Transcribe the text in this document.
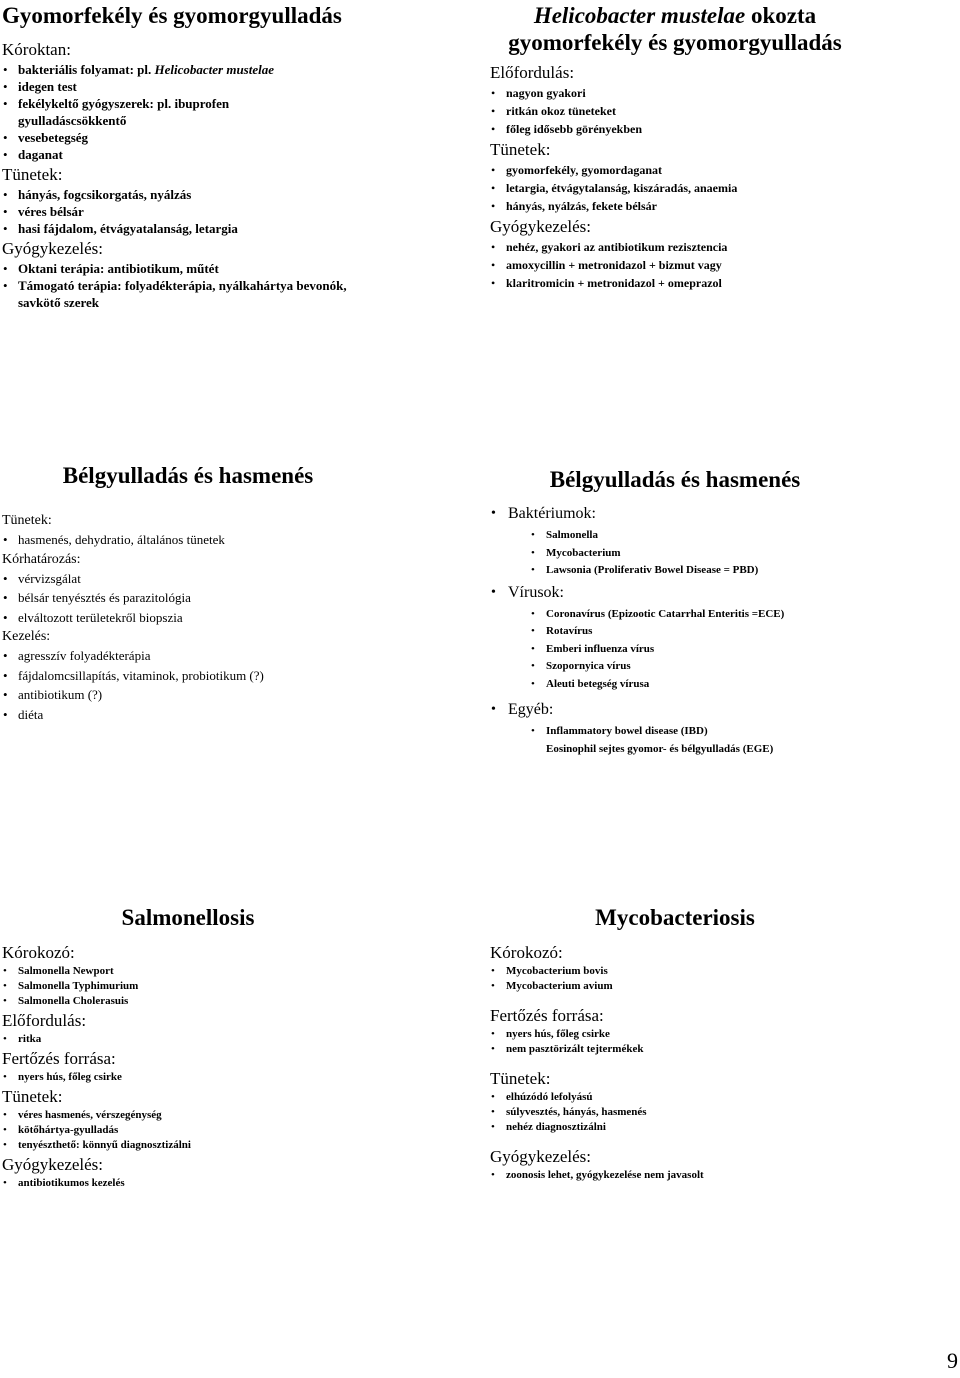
Gyomorfekély és gyomorgyulladás
Kóroktan:
• bakteriális folyamat: pl. Helicobacter mustelae
• idegen test
• fekélykeltő gyógyszerek: pl. ibuprofen gyulladáscsökkentő
• vesebetegség
• daganat
Tünetek:
• hányás, fogcsikorgatás, nyálzás
• véres bélsár
• hasi fájdalom, étvágyatalanság, letargia
Gyógykezelés:
• Oktani terápia: antibiotikum, műtét
• Támogató terápia: folyadékterápia, nyálkahártya bevonók, savkötő szerek
Helicobacter mustelae okozta gyomorfekély és gyomorgyulladás
Előfordulás:
• nagyon gyakori
• ritkán okoz tüneteket
• főleg idősebb görényekben
Tünetek:
• gyomorfekély, gyomordaganat
• letargia, étvágytalanság, kiszáradás, anaemia
• hányás, nyálzás, fekete bélsár
Gyógykezelés:
• nehéz, gyakori az antibiotikum rezisztencia
• amoxycillin + metronidazol + bizmut vagy
• klaritromicin + metronidazol + omeprazol
Bélgyulladás és hasmenés
Tünetek:
• hasmenés, dehydratio, általános tünetek
Kórhatározás:
• vérvizsgálat
• bélsár tenyésztés és parazitológia
• elváltozott területekről biopszia
Kezelés:
• agresszív folyadékterápia
• fájdalomcsillapítás, vitaminok, probiotikum (?)
• antibiotikum (?)
• diéta
Bélgyulladás és hasmenés
• Baktériumok:
• Salmonella
• Mycobacterium
• Lawsonia (Proliferativ Bowel Disease = PBD)
• Vírusok:
• Coronavírus (Epizootic Catarrhal Enteritis =ECE)
• Rotavírus
• Emberi influenza vírus
• Szopornyica vírus
• Aleuti betegség vírusa
• Egyéb:
• Inflammatory bowel disease (IBD)
Eosinophil sejtes gyomor- és bélgyulladás (EGE)
Salmonellosis
Kórokozó:
• Salmonella Newport
• Salmonella Typhimurium
• Salmonella Cholerasuis
Előfordulás:
• ritka
Fertőzés forrása:
• nyers hús, főleg csirke
Tünetek:
• véres hasmenés, vérszegénység
• kötőhártya-gyulladás
• tenyészthető: könnyű diagnosztizálni
Gyógykezelés:
• antibiotikumos kezelés
Mycobacteriosis
Kórokozó:
• Mycobacterium bovis
• Mycobacterium avium
Fertőzés forrása:
• nyers hús, főleg csirke
• nem pasztörizált tejtermékek
Tünetek:
• elhúzódó lefolyású
• súlyvesztés, hányás, hasmenés
• nehéz diagnosztizálni
Gyógykezelés:
• zoonosis lehet, gyógykezelése nem javasolt
9
